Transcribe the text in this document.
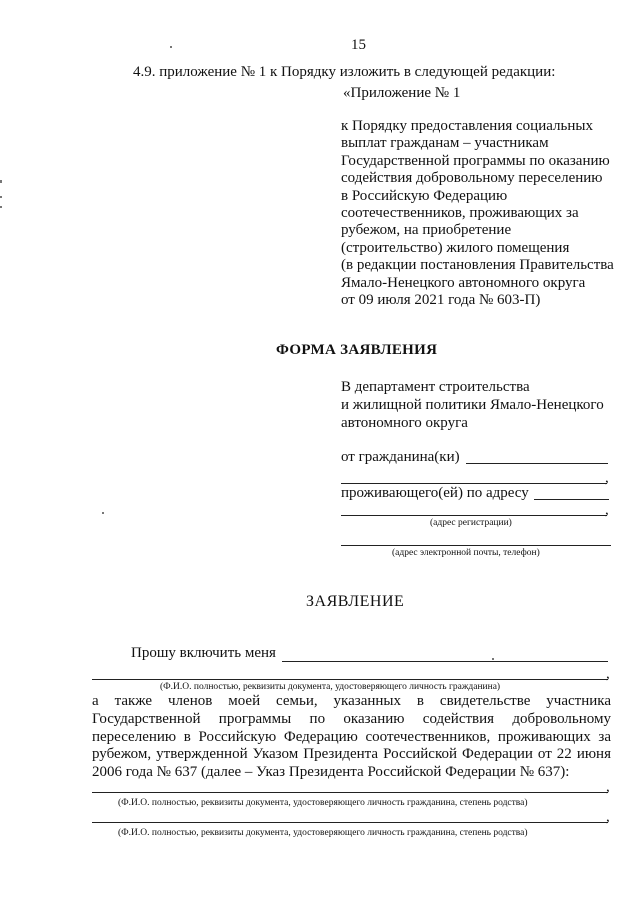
15
4.9. приложение № 1 к Порядку изложить в следующей редакции:
«Приложение № 1
к Порядку предоставления социальных
выплат гражданам – участникам
Государственной программы по оказанию
содействия добровольному переселению
в Российскую Федерацию
соотечественников, проживающих за
рубежом, на приобретение
(строительство) жилого помещения
(в редакции постановления Правительства
Ямало-Ненецкого автономного округа
от 09 июля 2021 года № 603-П)
ФОРМА ЗАЯВЛЕНИЯ
В департамент строительства
и жилищной политики Ямало-Ненецкого
автономного округа
от гражданина(ки)
,
проживающего(ей) по адресу
,
(адрес регистрации)
(адрес электронной почты, телефон)
ЗАЯВЛЕНИЕ
Прошу включить меня
,
(Ф.И.О. полностью, реквизиты документа, удостоверяющего личность гражданина)
а также членов моей семьи, указанных в свидетельстве участника
Государственной программы по оказанию содействия добровольному
переселению в Российскую Федерацию соотечественников, проживающих за
рубежом, утвержденной Указом Президента Российской Федерации от 22 июня
2006 года № 637 (далее – Указ Президента Российской Федерации № 637):
,
(Ф.И.О. полностью, реквизиты документа, удостоверяющего личность гражданина, степень родства)
,
(Ф.И.О. полностью, реквизиты документа, удостоверяющего личность гражданина, степень родства)
